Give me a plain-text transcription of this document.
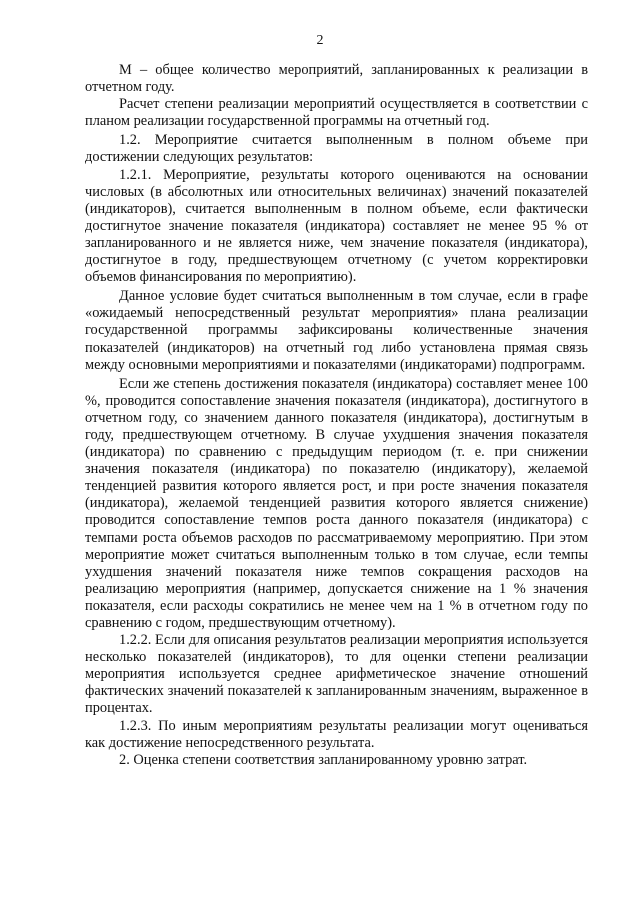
2

М – общее количество мероприятий, запланированных к реализации в отчетном году.

Расчет степени реализации мероприятий осуществляется в соответствии с планом реализации государственной программы на отчетный год.

1.2. Мероприятие считается выполненным в полном объеме при достижении следующих результатов:

1.2.1. Мероприятие, результаты которого оцениваются на основании числовых (в абсолютных или относительных величинах) значений показателей (индикаторов), считается выполненным в полном объеме, если фактически достигнутое значение показателя (индикатора) составляет не менее 95 % от запланированного и не является ниже, чем значение показателя (индикатора), достигнутое в году, предшествующем отчетному (с учетом корректировки объемов финансирования по мероприятию).

Данное условие будет считаться выполненным в том случае, если в графе «ожидаемый непосредственный результат мероприятия» плана реализации государственной программы зафиксированы количественные значения показателей (индикаторов) на отчетный год либо установлена прямая связь между основными мероприятиями и показателями (индикаторами) подпрограмм.

Если же степень достижения показателя (индикатора) составляет менее 100 %, проводится сопоставление значения показателя (индикатора), достигнутого в отчетном году, со значением данного показателя (индикатора), достигнутым в году, предшествующем отчетному. В случае ухудшения значения показателя (индикатора) по сравнению с предыдущим периодом (т. е. при снижении значения показателя (индикатора) по показателю (индикатору), желаемой тенденцией развития которого является рост, и при росте значения показателя (индикатора), желаемой тенденцией развития которого является снижение) проводится сопоставление темпов роста данного показателя (индикатора) с темпами роста объемов расходов по рассматриваемому мероприятию. При этом мероприятие может считаться выполненным только в том случае, если темпы ухудшения значений показателя ниже темпов сокращения расходов на реализацию мероприятия (например, допускается снижение на 1 % значения показателя, если расходы сократились не менее чем на 1 % в отчетном году по сравнению с годом, предшествующим отчетному).

1.2.2. Если для описания результатов реализации мероприятия используется несколько показателей (индикаторов), то для оценки степени реализации мероприятия используется среднее арифметическое значение отношений фактических значений показателей к запланированным значениям, выраженное в процентах.

1.2.3. По иным мероприятиям результаты реализации могут оцениваться как достижение непосредственного результата.

2. Оценка степени соответствия запланированному уровню затрат.
